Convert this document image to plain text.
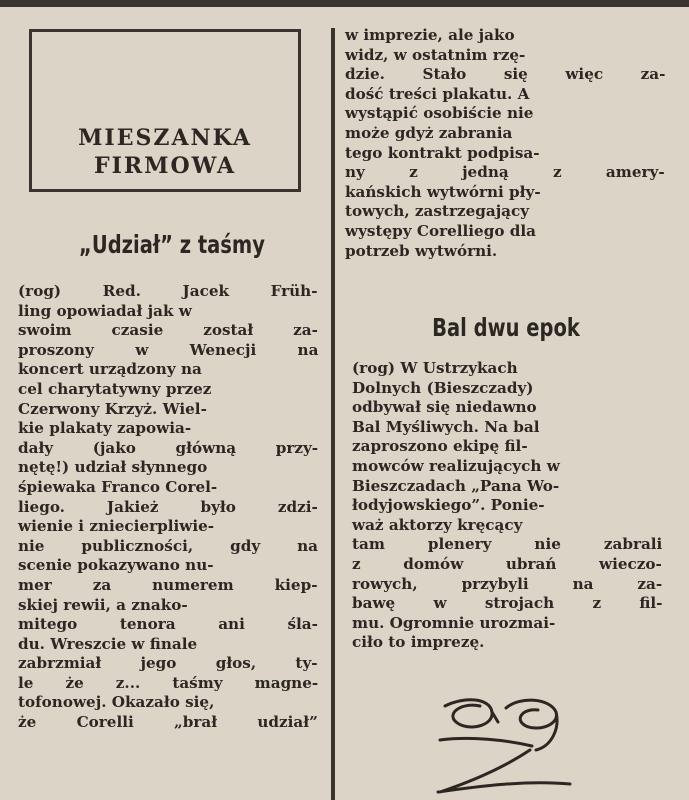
MIESZANKA
FIRMOWA
„Udział” z taśmy
(rog) Red. Jacek Früh-
ling opowiadał jak w
swoim czasie został za-
proszony w Wenecji na
koncert urządzony na
cel charytatywny przez
Czerwony Krzyż. Wiel-
kie plakaty zapowia-
dały (jako główną przy-
nętę!) udział słynnego
śpiewaka Franco Corel-
liego. Jakież było zdzi-
wienie i zniecierpliwie-
nie publiczności, gdy na
scenie pokazywano nu-
mer za numerem kiep-
skiej rewii, a znako-
mitego tenora ani śla-
du. Wreszcie w finale
zabrzmiał jego głos, ty-
le że z... taśmy magne-
tofonowej. Okazało się,
że Corelli „brał udział”
w imprezie, ale jako
widz, w ostatnim rzę-
dzie. Stało się więc za-
dość treści plakatu. A
wystąpić osobiście nie
może gdyż zabrania
tego kontrakt podpisa-
ny z jedną z amery-
kańskich wytwórni pły-
towych, zastrzegający
występy Corelliego dla
potrzeb wytwórni.
Bal dwu epok
(rog) W Ustrzykach
Dolnych (Bieszczady)
odbywał się niedawno
Bal Myśliwych. Na bal
zaproszono ekipę fil-
mowców realizujących w
Bieszczadach „Pana Wo-
łodyjowskiego”. Ponie-
waż aktorzy kręcący
tam plenery nie zabrali
z domów ubrań wieczo-
rowych, przybyli na za-
bawę w strojach z fil-
mu. Ogromnie urozmai-
ciło to imprezę.
